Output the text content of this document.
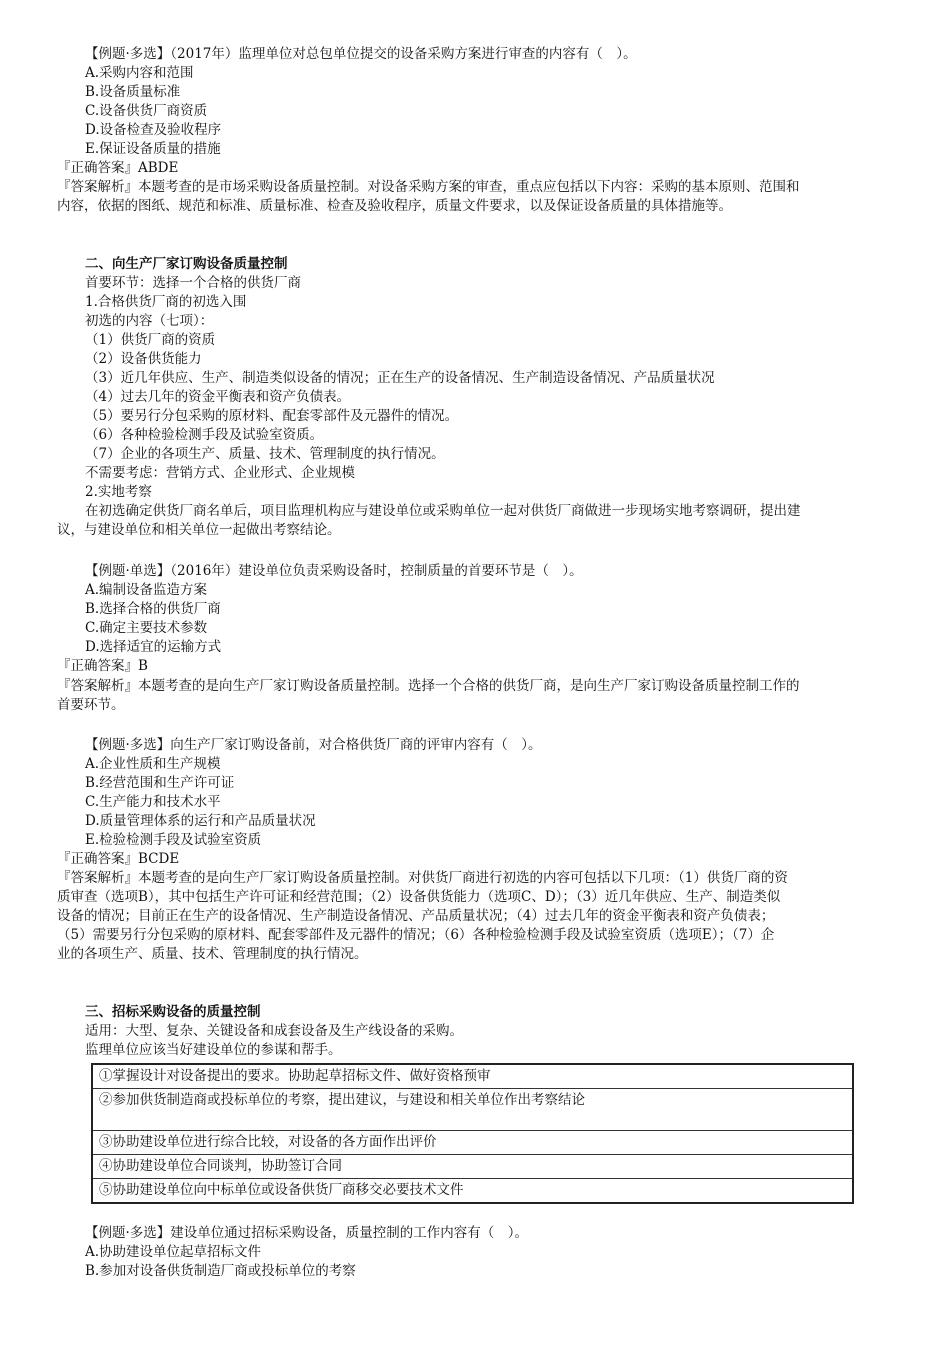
【例题·多选】（2017年）监理单位对总包单位提交的设备采购方案进行审查的内容有（　）。
A.采购内容和范围
B.设备质量标准
C.设备供货厂商资质
D.设备检查及验收程序
E.保证设备质量的措施
『正确答案』ABDE
『答案解析』本题考查的是市场采购设备质量控制。对设备采购方案的审查，重点应包括以下内容：采购的基本原则、范围和
内容，依据的图纸、规范和标准、质量标准、检查及验收程序，质量文件要求，以及保证设备质量的具体措施等。
二、向生产厂家订购设备质量控制
首要环节：选择一个合格的供货厂商
1.合格供货厂商的初选入围
初选的内容（七项）：
（1）供货厂商的资质
（2）设备供货能力
（3）近几年供应、生产、制造类似设备的情况；正在生产的设备情况、生产制造设备情况、产品质量状况
（4）过去几年的资金平衡表和资产负债表。
（5）要另行分包采购的原材料、配套零部件及元器件的情况。
（6）各种检验检测手段及试验室资质。
（7）企业的各项生产、质量、技术、管理制度的执行情况。
不需要考虑：营销方式、企业形式、企业规模
2.实地考察
在初选确定供货厂商名单后，项目监理机构应与建设单位或采购单位一起对供货厂商做进一步现场实地考察调研，提出建
议，与建设单位和相关单位一起做出考察结论。
【例题·单选】（2016年）建设单位负责采购设备时，控制质量的首要环节是（　）。
A.编制设备监造方案
B.选择合格的供货厂商
C.确定主要技术参数
D.选择适宜的运输方式
『正确答案』B
『答案解析』本题考查的是向生产厂家订购设备质量控制。选择一个合格的供货厂商，是向生产厂家订购设备质量控制工作的
首要环节。
【例题·多选】向生产厂家订购设备前，对合格供货厂商的评审内容有（　）。
A.企业性质和生产规模
B.经营范围和生产许可证
C.生产能力和技术水平
D.质量管理体系的运行和产品质量状况
E.检验检测手段及试验室资质
『正确答案』BCDE
『答案解析』本题考查的是向生产厂家订购设备质量控制。对供货厂商进行初选的内容可包括以下几项：（1）供货厂商的资
质审查（选项B），其中包括生产许可证和经营范围；（2）设备供货能力（选项C、D）；（3）近几年供应、生产、制造类似
设备的情况；目前正在生产的设备情况、生产制造设备情况、产品质量状况；（4）过去几年的资金平衡表和资产负债表；
（5）需要另行分包采购的原材料、配套零部件及元器件的情况；（6）各种检验检测手段及试验室资质（选项E）；（7）企
业的各项生产、质量、技术、管理制度的执行情况。
三、招标采购设备的质量控制
适用：大型、复杂、关键设备和成套设备及生产线设备的采购。
监理单位应该当好建设单位的参谋和帮手。
①掌握设计对设备提出的要求。协助起草招标文件、做好资格预审
②参加供货制造商或投标单位的考察，提出建议，与建设和相关单位作出考察结论
③协助建设单位进行综合比较，对设备的各方面作出评价
④协助建设单位合同谈判，协助签订合同
⑤协助建设单位向中标单位或设备供货厂商移交必要技术文件
【例题·多选】建设单位通过招标采购设备，质量控制的工作内容有（　）。
A.协助建设单位起草招标文件
B.参加对设备供货制造厂商或投标单位的考察
